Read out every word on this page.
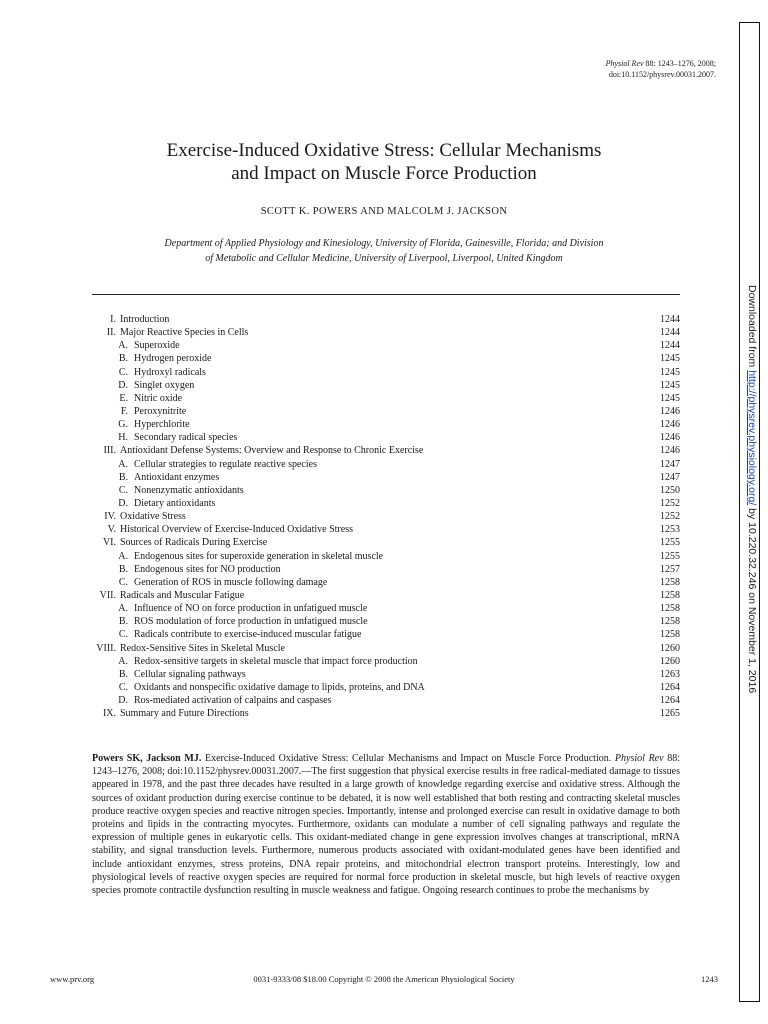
Physiol Rev 88: 1243–1276, 2008;
doi:10.1152/physrev.00031.2007.
Exercise-Induced Oxidative Stress: Cellular Mechanisms
and Impact on Muscle Force Production
SCOTT K. POWERS AND MALCOLM J. JACKSON
Department of Applied Physiology and Kinesiology, University of Florida, Gainesville, Florida; and Division
of Metabolic and Cellular Medicine, University of Liverpool, Liverpool, United Kingdom
I. Introduction	1244
II. Major Reactive Species in Cells	1244
A. Superoxide	1244
B. Hydrogen peroxide	1245
C. Hydroxyl radicals	1245
D. Singlet oxygen	1245
E. Nitric oxide	1245
F. Peroxynitrite	1246
G. Hyperchlorite	1246
H. Secondary radical species	1246
III. Antioxidant Defense Systems: Overview and Response to Chronic Exercise	1246
A. Cellular strategies to regulate reactive species	1247
B. Antioxidant enzymes	1247
C. Nonenzymatic antioxidants	1250
D. Dietary antioxidants	1252
IV. Oxidative Stress	1252
V. Historical Overview of Exercise-Induced Oxidative Stress	1253
VI. Sources of Radicals During Exercise	1255
A. Endogenous sites for superoxide generation in skeletal muscle	1255
B. Endogenous sites for NO production	1257
C. Generation of ROS in muscle following damage	1258
VII. Radicals and Muscular Fatigue	1258
A. Influence of NO on force production in unfatigued muscle	1258
B. ROS modulation of force production in unfatigued muscle	1258
C. Radicals contribute to exercise-induced muscular fatigue	1258
VIII. Redox-Sensitive Sites in Skeletal Muscle	1260
A. Redox-sensitive targets in skeletal muscle that impact force production	1260
B. Cellular signaling pathways	1263
C. Oxidants and nonspecific oxidative damage to lipids, proteins, and DNA	1264
D. Ros-mediated activation of calpains and caspases	1264
IX. Summary and Future Directions	1265
Powers SK, Jackson MJ. Exercise-Induced Oxidative Stress: Cellular Mechanisms and Impact on Muscle Force Production. Physiol Rev 88: 1243–1276, 2008; doi:10.1152/physrev.00031.2007.—The first suggestion that physical exercise results in free radical-mediated damage to tissues appeared in 1978, and the past three decades have resulted in a large growth of knowledge regarding exercise and oxidative stress. Although the sources of oxidant production during exercise continue to be debated, it is now well established that both resting and contracting skeletal muscles produce reactive oxygen species and reactive nitrogen species. Importantly, intense and prolonged exercise can result in oxidative damage to both proteins and lipids in the contracting myocytes. Furthermore, oxidants can modulate a number of cell signaling pathways and regulate the expression of multiple genes in eukaryotic cells. This oxidant-mediated change in gene expression involves changes at transcriptional, mRNA stability, and signal transduction levels. Furthermore, numerous products associated with oxidant-modulated genes have been identified and include antioxidant enzymes, stress proteins, DNA repair proteins, and mitochondrial electron transport proteins. Interestingly, low and physiological levels of reactive oxygen species are required for normal force production in skeletal muscle, but high levels of reactive oxygen species promote contractile dysfunction resulting in muscle weakness and fatigue. Ongoing research continues to probe the mechanisms by
www.prv.org	0031-9333/08 $18.00 Copyright © 2008 the American Physiological Society	1243
Downloaded from http://physrev.physiology.org/ by 10.220.32.246 on November 1, 2016
